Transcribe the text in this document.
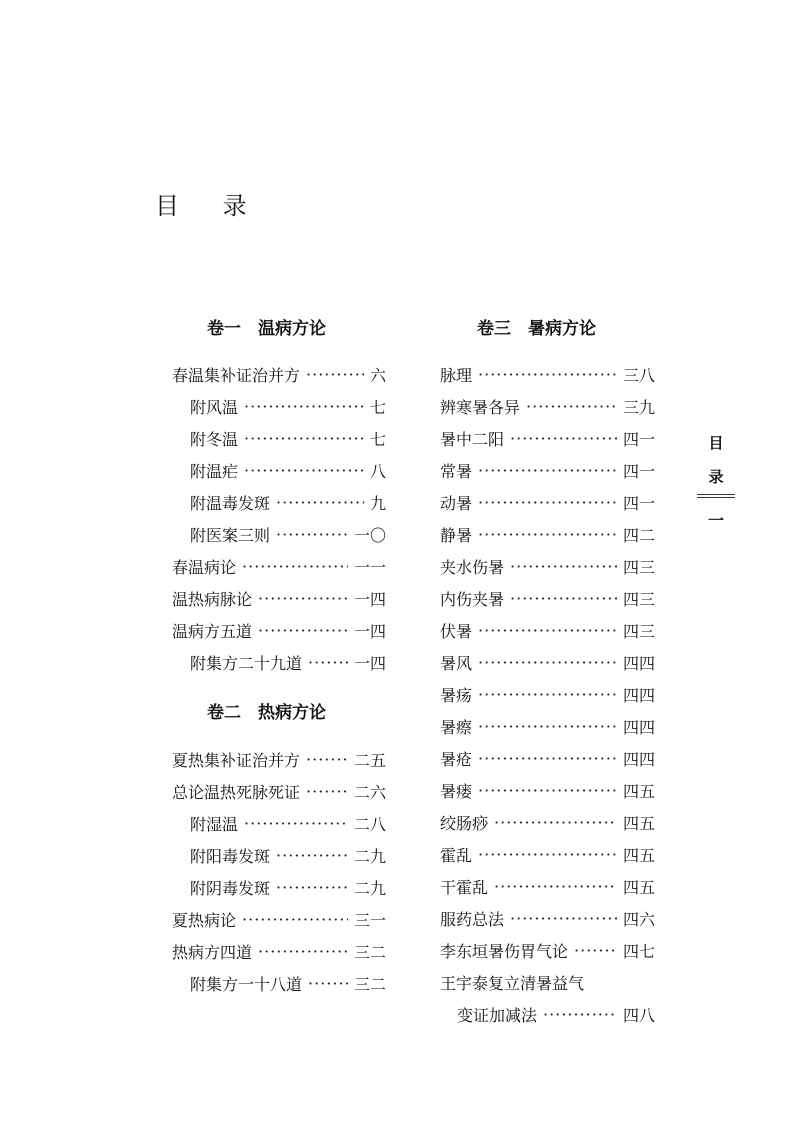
目 录
卷一　温病方论
卷二　热病方论
卷三　暑病方论
目
录
一
春温集补证治并方 ·····	六
附风温 ·····	七
附冬温 ·····	七
附温疟 ·····	八
附温毒发斑 ·····	九
附医案三则 ·····	一〇
春温病论 ·····	一一
温热病脉论 ·····	一四
温病方五道 ·····	一四
附集方二十九道 ·····	一四
夏热集补证治并方 ·····	二五
总论温热死脉死证 ·····	二六
附湿温 ·····	二八
附阳毒发斑 ·····	二九
附阴毒发斑 ·····	二九
夏热病论 ·····	三一
热病方四道 ·····	三二
附集方一十八道 ·····	三二
脉理 ·····	三八
辨寒暑各异 ·····	三九
暑中二阳 ·····	四一
常暑 ·····	四一
动暑 ·····	四一
静暑 ·····	四二
夹水伤暑 ·····	四三
内伤夹暑 ·····	四三
伏暑 ·····	四三
暑风 ·····	四四
暑疡 ·····	四四
暑瘵 ·····	四四
暑疮 ·····	四四
暑瘘 ·····	四五
绞肠痧 ·····	四五
霍乱 ·····	四五
干霍乱 ·····	四五
服药总法 ·····	四六
李东垣暑伤胃气论 ·····	四七
王宇泰复立清暑益气
变证加减法 ·····	四八
